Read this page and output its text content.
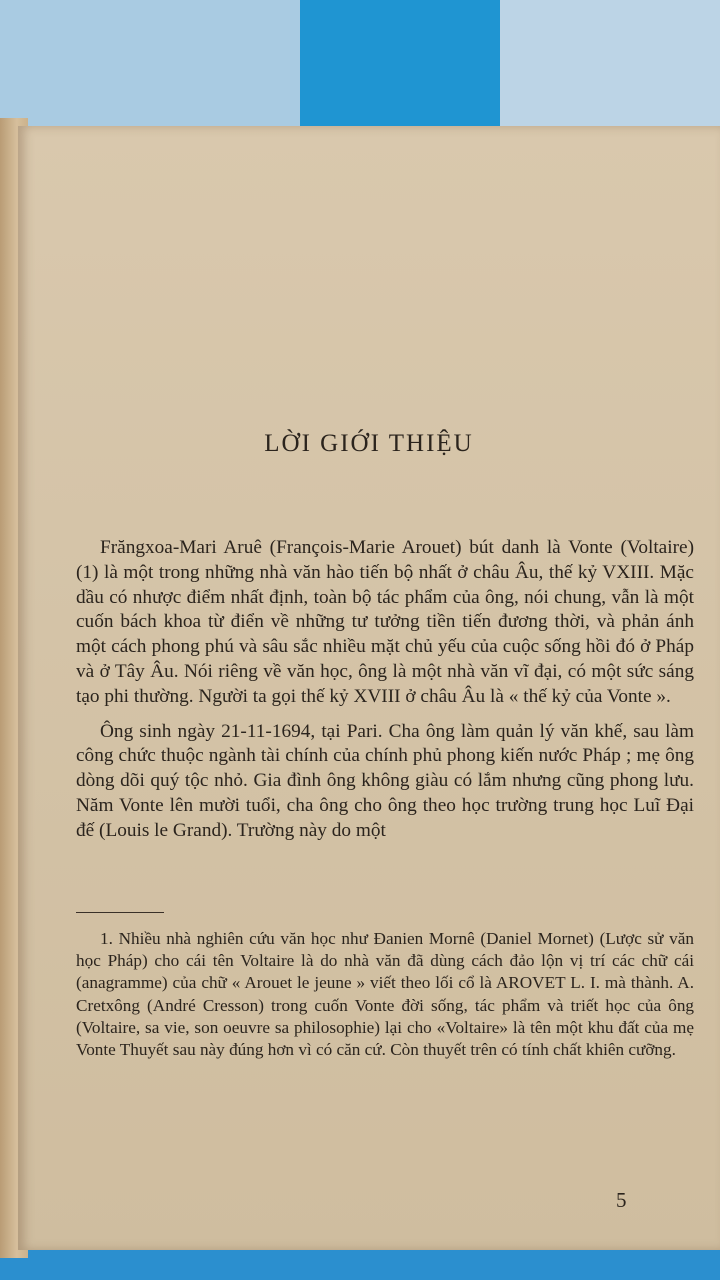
LỜI GIỚI THIỆU

Frăngxoa-Mari Aruê (François-Marie Arouet) bút danh là Vonte (Voltaire) (1) là một trong những nhà văn hào tiến bộ nhất ở châu Âu, thế kỷ VXIII. Mặc dầu có nhược điểm nhất định, toàn bộ tác phẩm của ông, nói chung, vẫn là một cuốn bách khoa từ điển về những tư tưởng tiền tiến đương thời, và phản ánh một cách phong phú và sâu sắc nhiều mặt chủ yếu của cuộc sống hồi đó ở Pháp và ở Tây Âu. Nói riêng về văn học, ông là một nhà văn vĩ đại, có một sức sáng tạo phi thường. Người ta gọi thế kỷ XVIII ở châu Âu là « thế kỷ của Vonte ».

Ông sinh ngày 21-11-1694, tại Pari. Cha ông làm quản lý văn khế, sau làm công chức thuộc ngành tài chính của chính phủ phong kiến nước Pháp ; mẹ ông dòng dõi quý tộc nhỏ. Gia đình ông không giàu có lắm nhưng cũng phong lưu. Năm Vonte lên mười tuổi, cha ông cho ông theo học trường trung học Luĩ Đại đế (Louis le Grand). Trường này do một

1. Nhiều nhà nghiên cứu văn học như Đanien Mornê (Daniel Mornet) (Lược sử văn học Pháp) cho cái tên Voltaire là do nhà văn đã dùng cách đảo lộn vị trí các chữ cái (anagramme) của chữ « Arouet le jeune » viết theo lối cổ là AROVET L. I. mà thành. A. Cretxông (André Cresson) trong cuốn Vonte đời sống, tác phẩm và triết học của ông (Voltaire, sa vie, son oeuvre sa philosophie) lại cho «Voltaire» là tên một khu đất của mẹ Vonte Thuyết sau này đúng hơn vì có căn cứ. Còn thuyết trên có tính chất khiên cưỡng.

5
